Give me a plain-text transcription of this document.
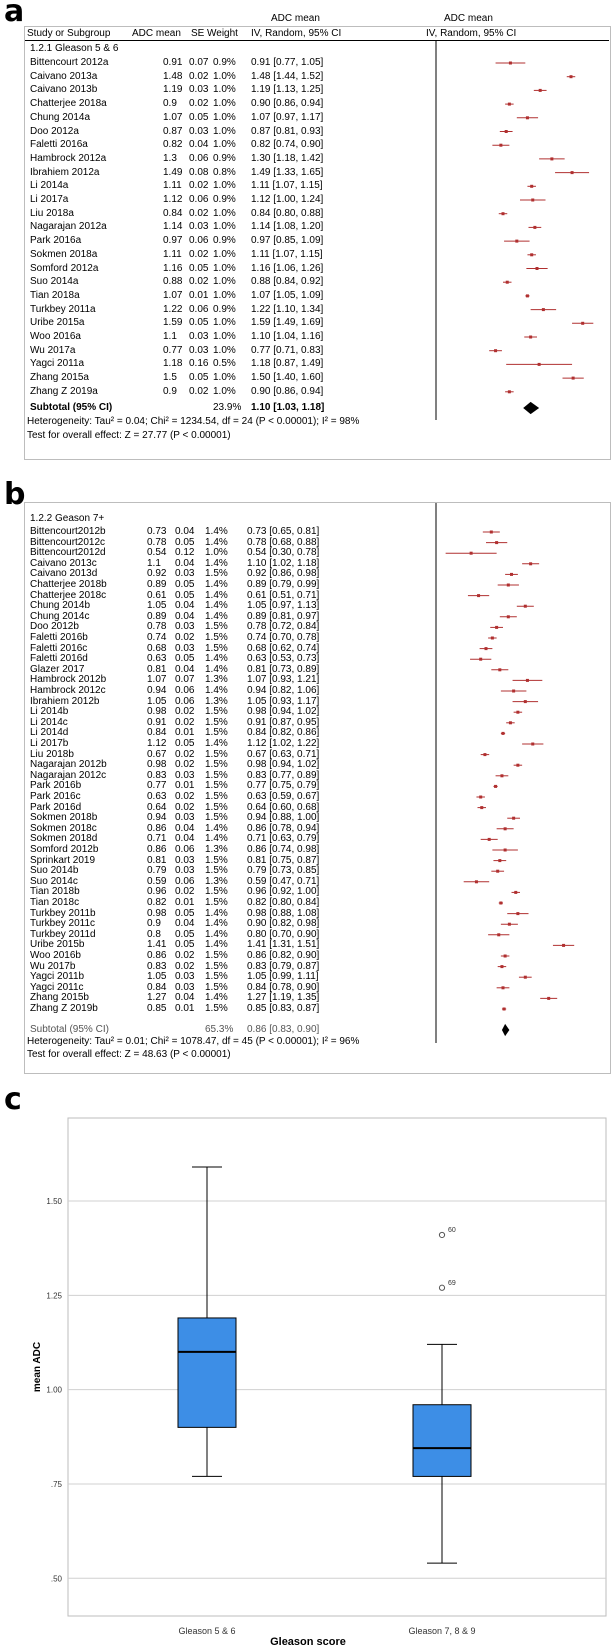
a	ADC mean	ADC mean
Study or Subgroup ADC mean SE Weight IV, Random, 95% CI	IV, Random, 95% CI
1.2.1 Gleason 5 & 6
Bittencourt 2012a	0.91 0.07 0.9% 0.91 [0.77, 1.05]
Caivano 2013a	1.48 0.02 1.0% 1.48 [1.44, 1.52]
Caivano 2013b	1.19 0.03 1.0% 1.19 [1.13, 1.25]
Chatterjee 2018a	0.9 0.02 1.0% 0.90 [0.86, 0.94]
Chung 2014a	1.07 0.05 1.0% 1.07 [0.97, 1.17]
Doo 2012a	0.87 0.03 1.0% 0.87 [0.81, 0.93]
Faletti 2016a	0.82 0.04 1.0% 0.82 [0.74, 0.90]
Hambrock 2012a	1.3 0.06 0.9% 1.30 [1.18, 1.42]
Ibrahiem 2012a	1.49 0.08 0.8% 1.49 [1.33, 1.65]
Li 2014a	1.11 0.02 1.0% 1.11 [1.07, 1.15]
Li 2017a	1.12 0.06 0.9% 1.12 [1.00, 1.24]
Liu 2018a	0.84 0.02 1.0% 0.84 [0.80, 0.88]
Nagarajan 2012a	1.14 0.03 1.0% 1.14 [1.08, 1.20]
Park 2016a	0.97 0.06 0.9% 0.97 [0.85, 1.09]
Sokmen 2018a	1.11 0.02 1.0% 1.11 [1.07, 1.15]
Somford 2012a	1.16 0.05 1.0% 1.16 [1.06, 1.26]
Suo 2014a	0.88 0.02 1.0% 0.88 [0.84, 0.92]
Tian 2018a	1.07 0.01 1.0% 1.07 [1.05, 1.09]
Turkbey 2011a	1.22 0.06 0.9% 1.22 [1.10, 1.34]
Uribe 2015a	1.59 0.05 1.0% 1.59 [1.49, 1.69]
Woo 2016a	1.1 0.03 1.0% 1.10 [1.04, 1.16]
Wu 2017a	0.77 0.03 1.0% 0.77 [0.71, 0.83]
Yagci 2011a	1.18 0.16 0.5% 1.18 [0.87, 1.49]
Zhang 2015a	1.5 0.05 1.0% 1.50 [1.40, 1.60]
Zhang Z 2019a	0.9 0.02 1.0% 0.90 [0.86, 0.94]
Subtotal (95% CI)	23.9% 1.10 [1.03, 1.18]
Heterogeneity: Tau² = 0.04; Chi² = 1234.54, df = 24 (P < 0.00001); I² = 98%
Test for overall effect: Z = 27.77 (P < 0.00001)
b
1.2.2 Geason 7+
Bittencourt2012b	0.73 0.04 1.4% 0.73 [0.65, 0.81]
Bittencourt2012c	0.78 0.05 1.4% 0.78 [0.68, 0.88]
Bittencourt2012d	0.54 0.12 1.0% 0.54 [0.30, 0.78]
Caivano 2013c	1.1 0.04 1.4% 1.10 [1.02, 1.18]
Caivano 2013d	0.92 0.03 1.5% 0.92 [0.86, 0.98]
Chatterjee 2018b	0.89 0.05 1.4% 0.89 [0.79, 0.99]
Chatterjee 2018c	0.61 0.05 1.4% 0.61 [0.51, 0.71]
Chung 2014b	1.05 0.04 1.4% 1.05 [0.97, 1.13]
Chung 2014c	0.89 0.04 1.4% 0.89 [0.81, 0.97]
Doo 2012b	0.78 0.03 1.5% 0.78 [0.72, 0.84]
Faletti 2016b	0.74 0.02 1.5% 0.74 [0.70, 0.78]
Faletti 2016c	0.68 0.03 1.5% 0.68 [0.62, 0.74]
Faletti 2016d	0.63 0.05 1.4% 0.63 [0.53, 0.73]
Glazer 2017	0.81 0.04 1.4% 0.81 [0.73, 0.89]
Hambrock 2012b	1.07 0.07 1.3% 1.07 [0.93, 1.21]
Hambrock 2012c	0.94 0.06 1.4% 0.94 [0.82, 1.06]
Ibrahiem 2012b	1.05 0.06 1.3% 1.05 [0.93, 1.17]
Li 2014b	0.98 0.02 1.5% 0.98 [0.94, 1.02]
Li 2014c	0.91 0.02 1.5% 0.91 [0.87, 0.95]
Li 2014d	0.84 0.01 1.5% 0.84 [0.82, 0.86]
Li 2017b	1.12 0.05 1.4% 1.12 [1.02, 1.22]
Liu 2018b	0.67 0.02 1.5% 0.67 [0.63, 0.71]
Nagarajan 2012b	0.98 0.02 1.5% 0.98 [0.94, 1.02]
Nagarajan 2012c	0.83 0.03 1.5% 0.83 [0.77, 0.89]
Park 2016b	0.77 0.01 1.5% 0.77 [0.75, 0.79]
Park 2016c	0.63 0.02 1.5% 0.63 [0.59, 0.67]
Park 2016d	0.64 0.02 1.5% 0.64 [0.60, 0.68]
Sokmen 2018b	0.94 0.03 1.5% 0.94 [0.88, 1.00]
Sokmen 2018c	0.86 0.04 1.4% 0.86 [0.78, 0.94]
Sokmen 2018d	0.71 0.04 1.4% 0.71 [0.63, 0.79]
Somford 2012b	0.86 0.06 1.3% 0.86 [0.74, 0.98]
Sprinkart 2019	0.81 0.03 1.5% 0.81 [0.75, 0.87]
Suo 2014b	0.79 0.03 1.5% 0.79 [0.73, 0.85]
Suo 2014c	0.59 0.06 1.3% 0.59 [0.47, 0.71]
Tian 2018b	0.96 0.02 1.5% 0.96 [0.92, 1.00]
Tian 2018c	0.82 0.01 1.5% 0.82 [0.80, 0.84]
Turkbey 2011b	0.98 0.05 1.4% 0.98 [0.88, 1.08]
Turkbey 2011c	0.9 0.04 1.4% 0.90 [0.82, 0.98]
Turkbey 2011d	0.8 0.05 1.4% 0.80 [0.70, 0.90]
Uribe 2015b	1.41 0.05 1.4% 1.41 [1.31, 1.51]
Woo 2016b	0.86 0.02 1.5% 0.86 [0.82, 0.90]
Wu 2017b	0.83 0.02 1.5% 0.83 [0.79, 0.87]
Yagci 2011b	1.05 0.03 1.5% 1.05 [0.99, 1.11]
Yagci 2011c	0.84 0.03 1.5% 0.84 [0.78, 0.90]
Zhang 2015b	1.27 0.04 1.4% 1.27 [1.19, 1.35]
Zhang Z 2019b	0.85 0.01 1.5% 0.85 [0.83, 0.87]
Subtotal (95% CI)	65.3% 0.86 [0.83, 0.90]
Heterogeneity: Tau² = 0.01; Chi² = 1078.47, df = 45 (P < 0.00001); I² = 96%
Test for overall effect: Z = 48.63 (P < 0.00001)
c
.50
.75
1.00
1.25
1.50
mean ADC
Gleason 5 & 6
60
69
Gleason 7, 8 & 9
Gleason score
